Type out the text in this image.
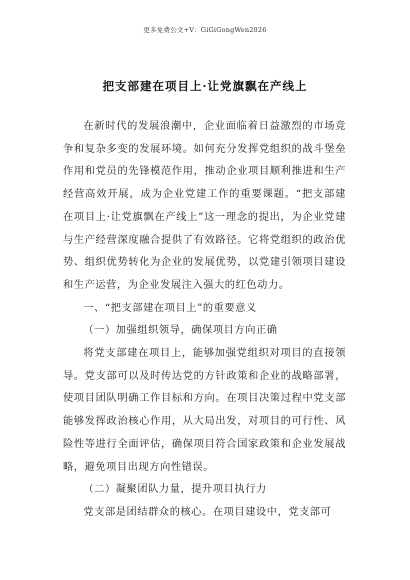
更多免费公文+V：GiGiGongWen2026
把支部建在项目上·让党旗飘在产线上

在新时代的发展浪潮中，企业面临着日益激烈的市场竞争和复杂多变的发展环境。如何充分发挥党组织的战斗堡垒作用和党员的先锋模范作用，推动企业项目顺利推进和生产经营高效开展，成为企业党建工作的重要课题。“把支部建在项目上·让党旗飘在产线上”这一理念的提出，为企业党建与生产经营深度融合提供了有效路径。它将党组织的政治优势、组织优势转化为企业的发展优势，以党建引领项目建设和生产运营，为企业发展注入强大的红色动力。

一、“把支部建在项目上”的重要意义

（一）加强组织领导，确保项目方向正确

将党支部建在项目上，能够加强党组织对项目的直接领导。党支部可以及时传达党的方针政策和企业的战略部署，使项目团队明确工作目标和方向。在项目决策过程中党支部能够发挥政治核心作用，从大局出发，对项目的可行性、风险性等进行全面评估，确保项目符合国家政策和企业发展战略，避免项目出现方向性错误。

（二）凝聚团队力量，提升项目执行力

党支部是团结群众的核心。在项目建设中，党支部可
